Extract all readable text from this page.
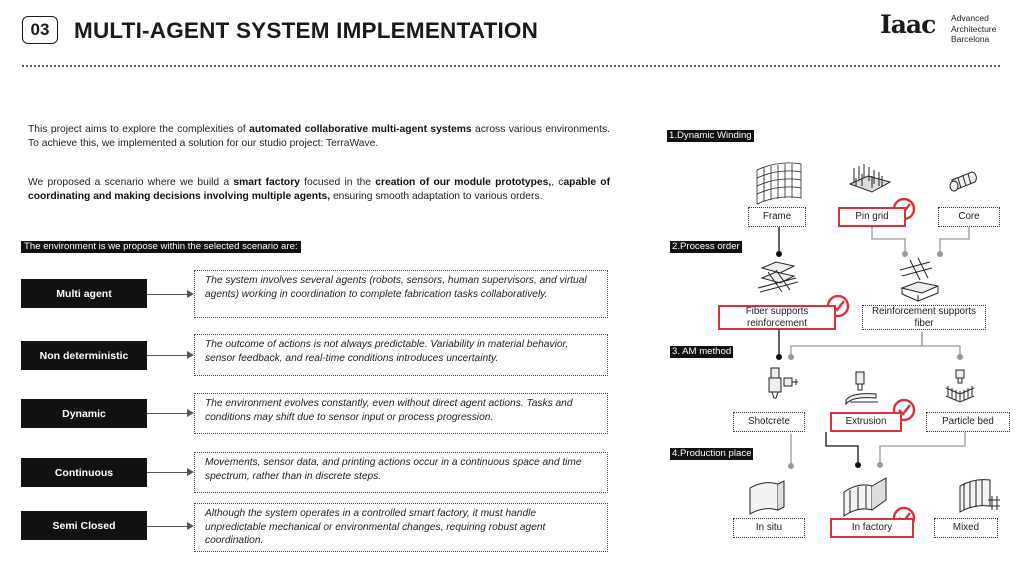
03	MULTI-AGENT SYSTEM IMPLEMENTATION	Iaac Advanced
Architecture
Barcelona
This project aims to explore the complexities of automated collaborative multi-agent systems across various environments. To achieve this, we implemented a solution for our studio project: TerraWave.
We proposed a scenario where we build a smart factory focused in the creation of our module prototypes,, capable of coordinating and making decisions involving multiple agents, ensuring smooth adaptation to various orders.
The environment is we propose within the selected scenario are:
Multi agent
The system involves several agents (robots, sensors, human supervisors, and virtual agents) working in coordination to complete fabrication tasks collaboratively.
Non deterministic
The outcome of actions is not always predictable. Variability in material behavior, sensor feedback, and real-time conditions introduces uncertainty.
Dynamic
The environment evolves constantly, even without direct agent actions. Tasks and conditions may shift due to sensor input or process progression.
Continuous
Movements, sensor data, and printing actions occur in a continuous space and time spectrum, rather than in discrete steps.
Semi Closed
Although the system operates in a controlled smart factory, it must handle unpredictable mechanical or environmental changes, requiring robust agent coordination.
1.Dynamic Winding
2.Process order
3. AM method
4.Production place
Frame	Pin grid	Core
Fiber supports reinforcement
Reinforcement supports fiber
Shotcrete	Extrusion	Particle bed
In situ	In factory	Mixed
